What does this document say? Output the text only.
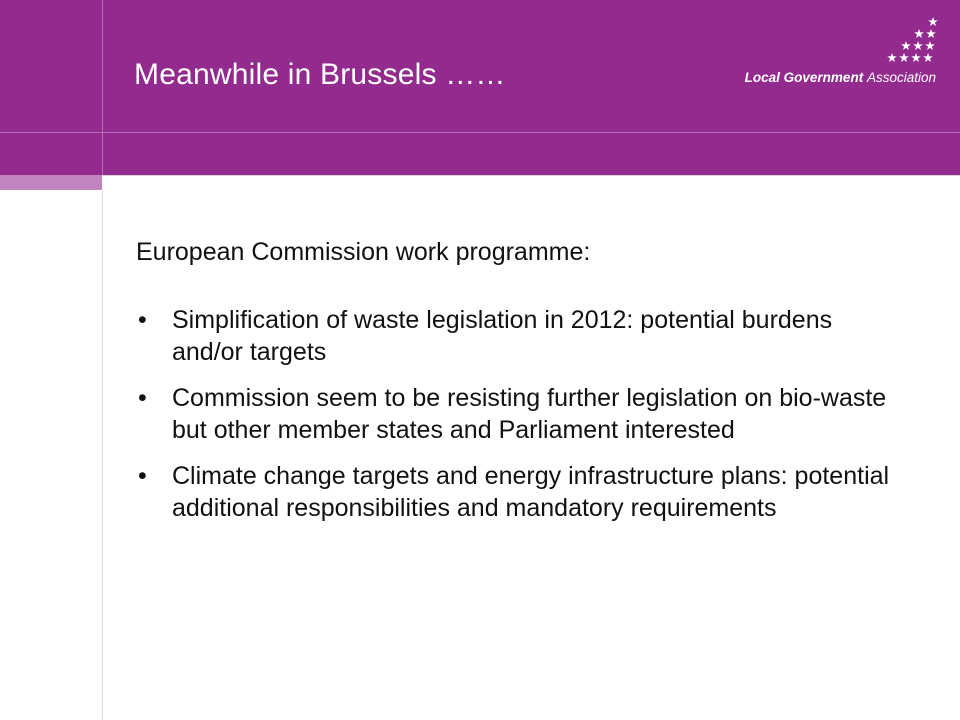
Meanwhile in Brussels ……	Local Government Association

European Commission work programme:

• Simplification of waste legislation in 2012: potential burdens and/or targets
• Commission seem to be resisting further legislation on bio-waste but other member states and Parliament interested
• Climate change targets and energy infrastructure plans: potential additional responsibilities and mandatory requirements
